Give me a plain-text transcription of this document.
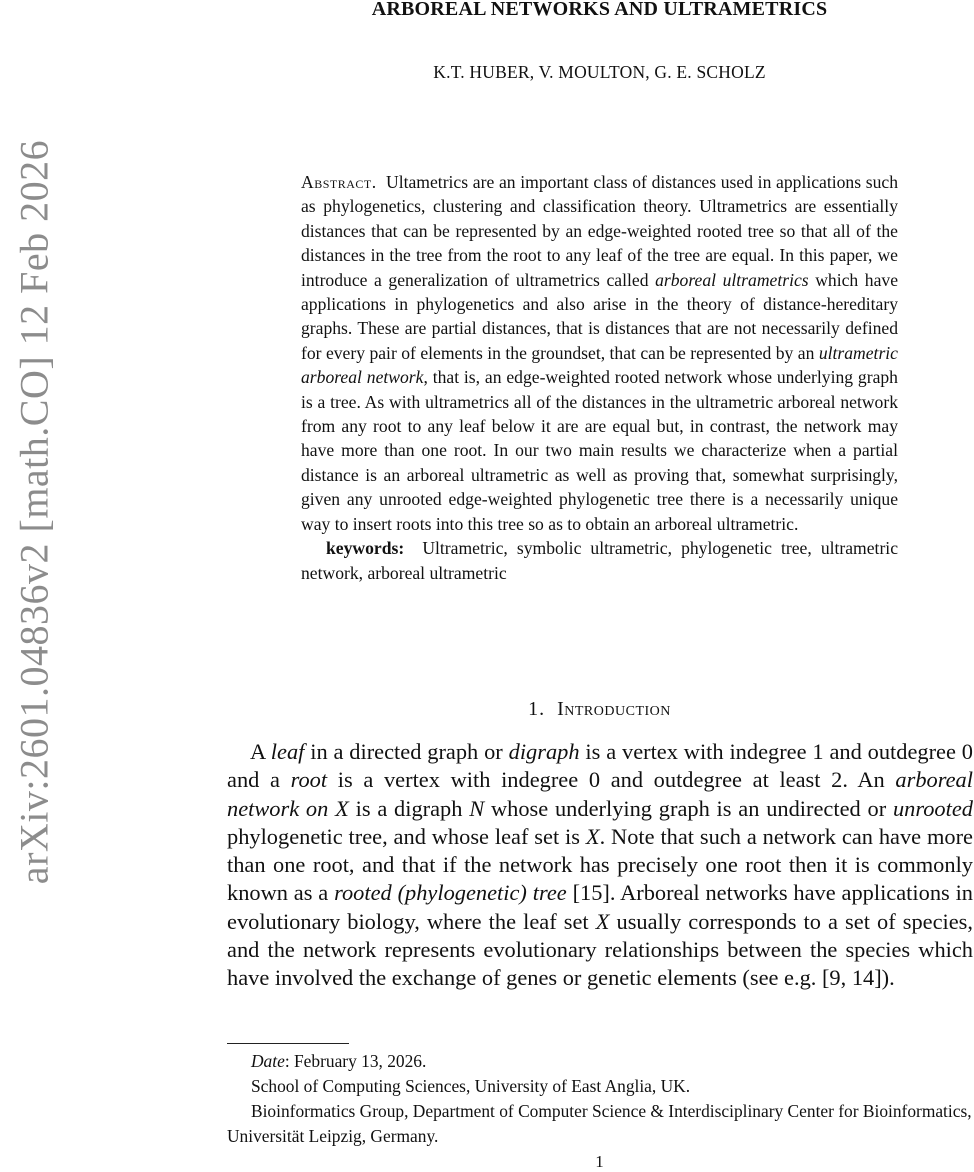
arXiv:2601.04836v2 [math.CO] 12 Feb 2026
ARBOREAL NETWORKS AND ULTRAMETRICS
K.T. HUBER, V. MOULTON, G. E. SCHOLZ

Abstract. Ultametrics are an important class of distances used in applications such as phylogenetics, clustering and classification theory. Ultrametrics are essentially distances that can be represented by an edge-weighted rooted tree so that all of the distances in the tree from the root to any leaf of the tree are equal. In this paper, we introduce a generalization of ultrametrics called arboreal ultrametrics which have applications in phylogenetics and also arise in the theory of distance-hereditary graphs. These are partial distances, that is distances that are not necessarily defined for every pair of elements in the groundset, that can be represented by an ultrametric arboreal network, that is, an edge-weighted rooted network whose underlying graph is a tree. As with ultrametrics all of the distances in the ultrametric arboreal network from any root to any leaf below it are are equal but, in contrast, the network may have more than one root. In our two main results we characterize when a partial distance is an arboreal ultrametric as well as proving that, somewhat surprisingly, given any unrooted edge-weighted phylogenetic tree there is a necessarily unique way to insert roots into this tree so as to obtain an arboreal ultrametric.

keywords: Ultrametric, symbolic ultrametric, phylogenetic tree, ultrametric network, arboreal ultrametric

1. Introduction

A leaf in a directed graph or digraph is a vertex with indegree 1 and outdegree 0 and a root is a vertex with indegree 0 and outdegree at least 2. An arboreal network on X is a digraph N whose underlying graph is an undirected or unrooted phylogenetic tree, and whose leaf set is X. Note that such a network can have more than one root, and that if the network has precisely one root then it is commonly known as a rooted (phylogenetic) tree [15]. Arboreal networks have applications in evolutionary biology, where the leaf set X usually corresponds to a set of species, and the network represents evolutionary relationships between the species which have involved the exchange of genes or genetic elements (see e.g. [9, 14]).

Date: February 13, 2026.

School of Computing Sciences, University of East Anglia, UK.

Bioinformatics Group, Department of Computer Science & Interdisciplinary Center for Bioinformatics, Universität Leipzig, Germany.

1
